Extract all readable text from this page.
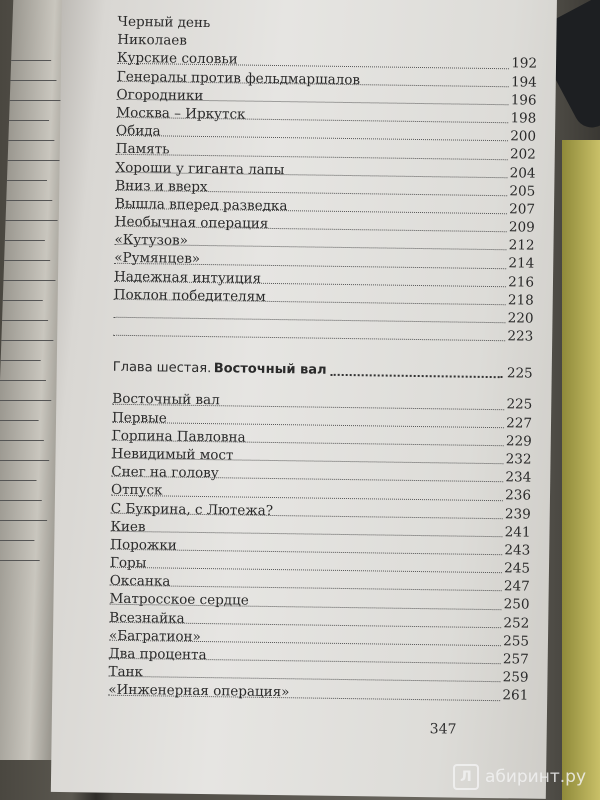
Черный день
Николаев
Курские соловьи	192
Генералы против фельдмаршалов	194
Огородники	196
Москва – Иркутск	198
Обида	200
Память	202
Хороши у гиганта лапы	204
Вниз и вверх	205
Вышла вперед разведка	207
Необычная операция	209
«Кутузов»	212
«Румянцев»	214
Надежная интуиция	216
Поклон победителям	218
220
223
Глава шестая. Восточный вал	225
Восточный вал	225
Первые	227
Горпина Павловна	229
Невидимый мост	232
Снег на голову	234
Отпуск	236
С Букрина, с Лютежа?	239
Киев	241
Порожки	243
Горы	245
Оксанка	247
Матросское сердце	250
Всезнайка	252
«Багратион»	255
Два процента	257
Танк	259
«Инженерная операция»	261
347
Л абиринт.ру
